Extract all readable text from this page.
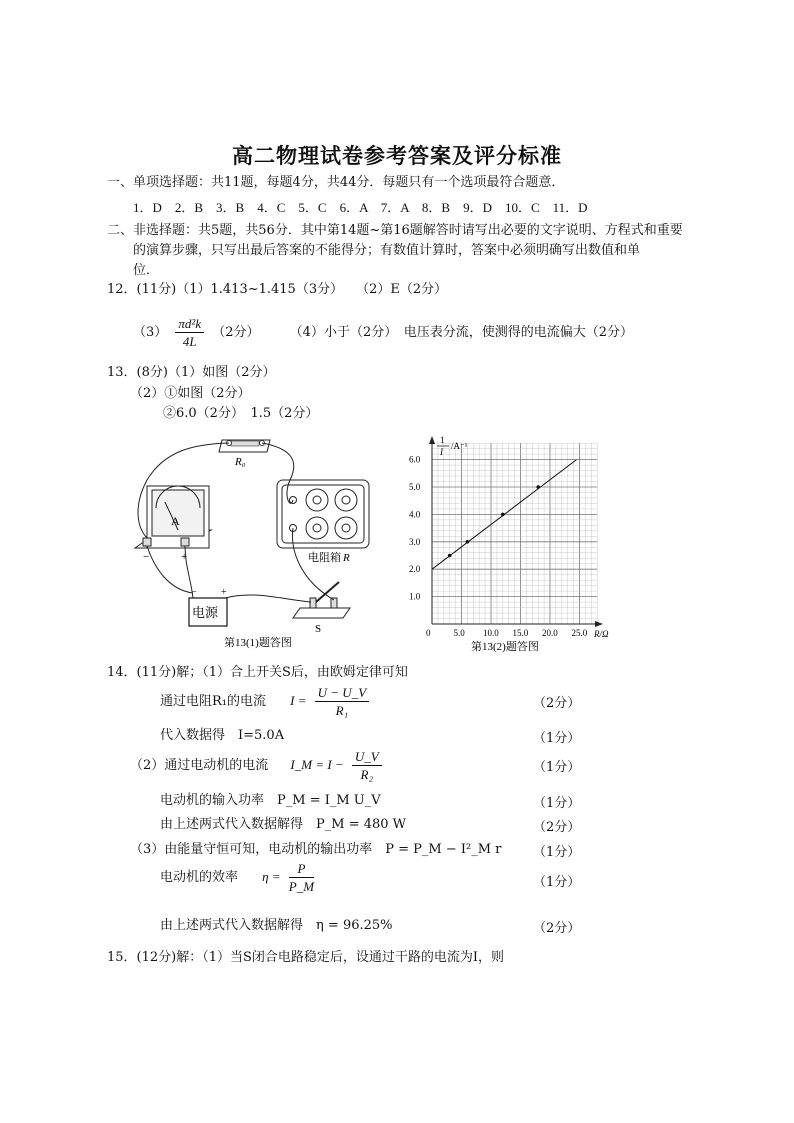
高二物理试卷参考答案及评分标准
一、单项选择题：共11题，每题4分，共44分．每题只有一个选项最符合题意．
1．D　2．B　3．B　4．C　5．C　6．A　7．A　8．B　9．D　10．C　11．D
二、非选择题：共5题，共56分．其中第14题~第16题解答时请写出必要的文字说明、方程式和重要
的演算步骤，只写出最后答案的不能得分；有数值计算时，答案中必须明确写出数值和单
位．
12．(11分)（1）1.413~1.415（3分）　　（2）E（2分）
$(3) \frac{\text{πd²k}}{4L} (2$分） （4）小于（2分）　电压表分流，使测得的电流偏大（2分）
13．(8分)（1）如图（2分）
（2）①如图（2分）
②6.0（2分）　1.5（2分）
R₀
A
−	+	电阻箱 R
电源
− +
S
第13(1)题答图
0	5.0 10.0 15.0 20.0 25.0
1.0
2.0
3.0
4.0
5.0
6.0
1
I
/A⁻¹
R/Ω
第13(2)题答图
14．(11分)解；（1）合上开关S后，由欧姆定律可知
通过电阻R₁的电流 $I = \frac{U - U\_V}{\text{R₁}}$	（2分）
代入数据得　I=5.0A	（1分）
（2）通过电动机的电流 I_M = $I - \frac{U\_V}{\text{R₂}}$	（1分）
电动机的输入功率　P_M = I_M U_V	（1分）
由上述两式代入数据解得　P_M = 480 W	（2分）
（3）由能量守恒可知，电动机的输出功率　P = P_M − I²_M r （1分）
电动机的效率 $\eta = \frac{P}{P\_M}$	（1分）
由上述两式代入数据解得　η = 96.25%	（2分）
15．(12分)解：（1）当S闭合电路稳定后，设通过干路的电流为I，则
